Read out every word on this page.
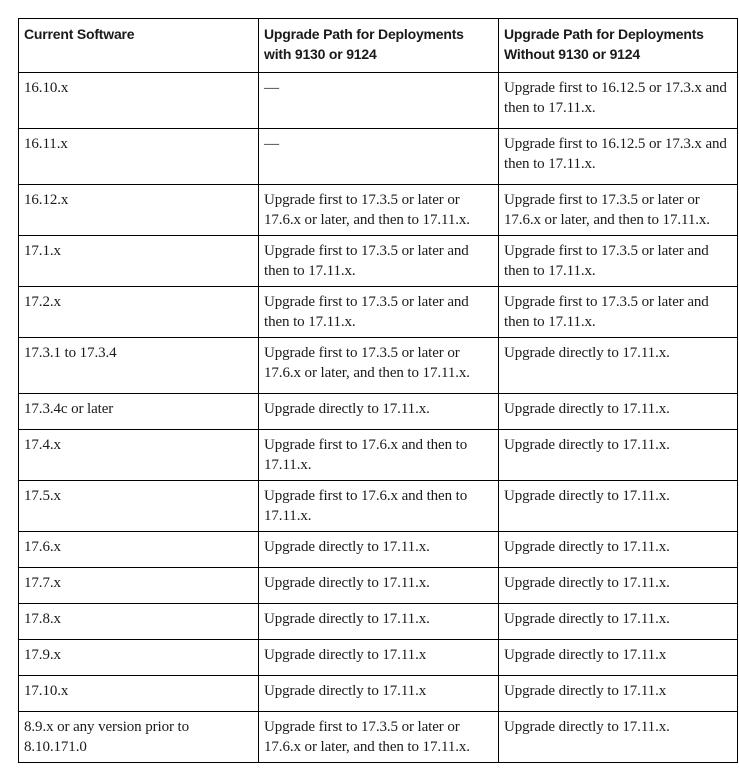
Current Software	Upgrade Path for Deployments with 9130 or 9124	Upgrade Path for Deployments Without 9130 or 9124
16.10.x	—	Upgrade first to 16.12.5 or 17.3.x and then to 17.11.x.
16.11.x	—	Upgrade first to 16.12.5 or 17.3.x and then to 17.11.x.
16.12.x	Upgrade first to 17.3.5 or later or 17.6.x or later, and then to 17.11.x.	Upgrade first to 17.3.5 or later or 17.6.x or later, and then to 17.11.x.
17.1.x	Upgrade first to 17.3.5 or later and then to 17.11.x.	Upgrade first to 17.3.5 or later and then to 17.11.x.
17.2.x	Upgrade first to 17.3.5 or later and then to 17.11.x.	Upgrade first to 17.3.5 or later and then to 17.11.x.
17.3.1 to 17.3.4	Upgrade first to 17.3.5 or later or 17.6.x or later, and then to 17.11.x.	Upgrade directly to 17.11.x.
17.3.4c or later	Upgrade directly to 17.11.x.	Upgrade directly to 17.11.x.
17.4.x	Upgrade first to 17.6.x and then to 17.11.x.	Upgrade directly to 17.11.x.
17.5.x	Upgrade first to 17.6.x and then to 17.11.x.	Upgrade directly to 17.11.x.
17.6.x	Upgrade directly to 17.11.x.	Upgrade directly to 17.11.x.
17.7.x	Upgrade directly to 17.11.x.	Upgrade directly to 17.11.x.
17.8.x	Upgrade directly to 17.11.x.	Upgrade directly to 17.11.x.
17.9.x	Upgrade directly to 17.11.x	Upgrade directly to 17.11.x
17.10.x	Upgrade directly to 17.11.x	Upgrade directly to 17.11.x
8.9.x or any version prior to 8.10.171.0	Upgrade first to 17.3.5 or later or 17.6.x or later, and then to 17.11.x.	Upgrade directly to 17.11.x.
